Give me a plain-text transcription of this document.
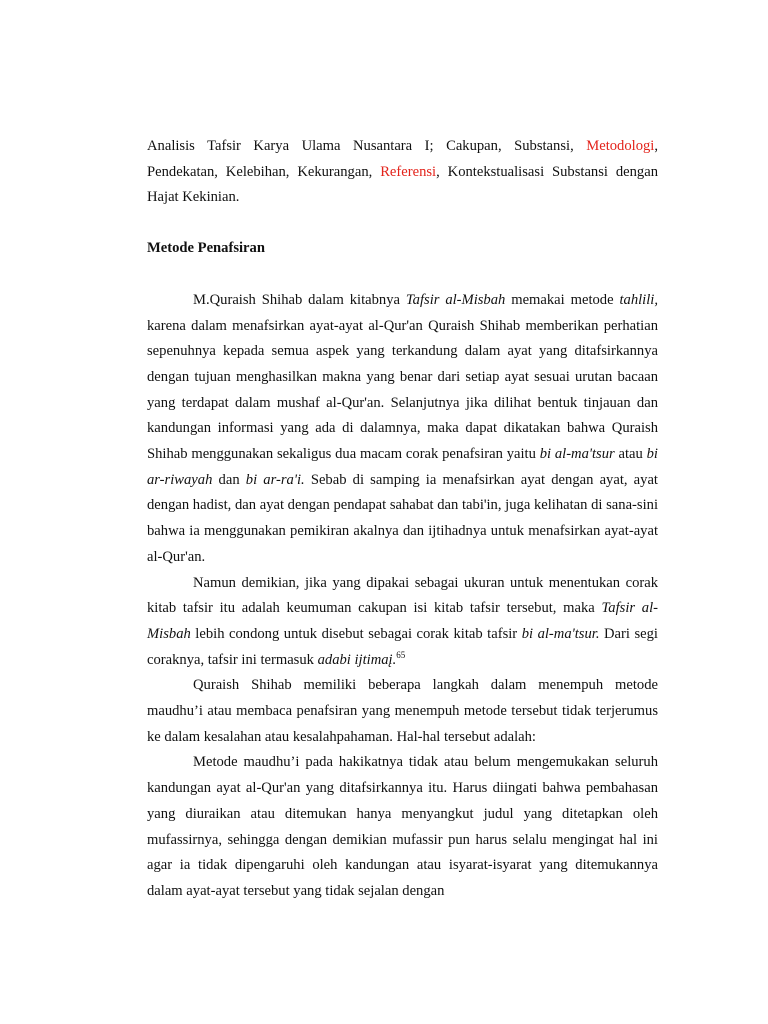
Analisis Tafsir Karya Ulama Nusantara I; Cakupan, Substansi, Metodologi, Pendekatan, Kelebihan, Kekurangan, Referensi, Kontekstualisasi Substansi dengan Hajat Kekinian.

Metode Penafsiran

M.Quraish Shihab dalam kitabnya Tafsir al-Misbah memakai metode tahlili, karena dalam menafsirkan ayat-ayat al-Qur'an Quraish Shihab memberikan perhatian sepenuhnya kepada semua aspek yang terkandung dalam ayat yang ditafsirkannya dengan tujuan menghasilkan makna yang benar dari setiap ayat sesuai urutan bacaan yang terdapat dalam mushaf al-Qur'an. Selanjutnya jika dilihat bentuk tinjauan dan kandungan informasi yang ada di dalamnya, maka dapat dikatakan bahwa Quraish Shihab menggunakan sekaligus dua macam corak penafsiran yaitu bi al-ma'tsur atau bi ar-riwayah dan bi ar-ra'i. Sebab di samping ia menafsirkan ayat dengan ayat, ayat dengan hadist, dan ayat dengan pendapat sahabat dan tabi'in, juga kelihatan di sana-sini bahwa ia menggunakan pemikiran akalnya dan ijtihadnya untuk menafsirkan ayat-ayat al-Qur'an.

Namun demikian, jika yang dipakai sebagai ukuran untuk menentukan corak kitab tafsir itu adalah keumuman cakupan isi kitab tafsir tersebut, maka Tafsir al-Misbah lebih condong untuk disebut sebagai corak kitab tafsir bi al-ma'tsur. Dari segi coraknya, tafsir ini termasuk adabi ijtimaį.$^{65}$

Quraish Shihab memiliki beberapa langkah dalam menempuh metode maudhu’i atau membaca penafsiran yang menempuh metode tersebut tidak terjerumus ke dalam kesalahan atau kesalahpahaman. Hal-hal tersebut adalah:

Metode maudhu’i pada hakikatnya tidak atau belum mengemukakan seluruh kandungan ayat al-Qur'an yang ditafsirkannya itu. Harus diingati bahwa pembahasan yang diuraikan atau ditemukan hanya menyangkut judul yang ditetapkan oleh mufassirnya, sehingga dengan demikian mufassir pun harus selalu mengingat hal ini agar ia tidak dipengaruhi oleh kandungan atau isyarat-isyarat yang ditemukannya dalam ayat-ayat tersebut yang tidak sejalan dengan
